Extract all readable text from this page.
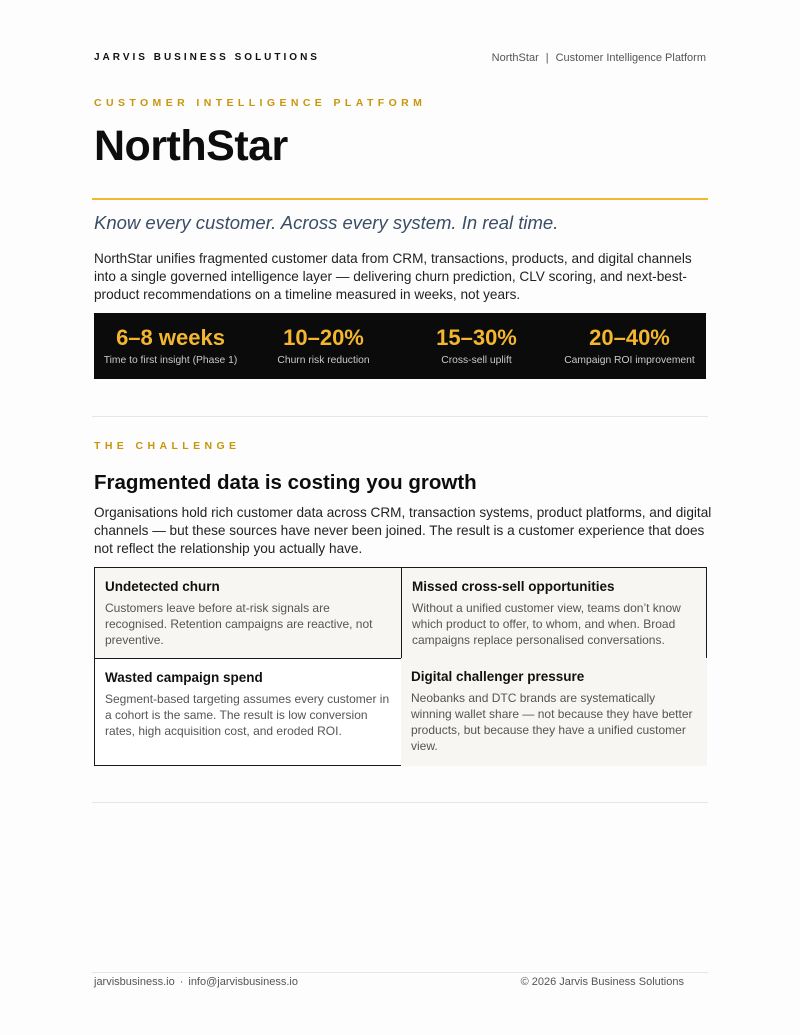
JARVIS BUSINESS SOLUTIONS	NorthStar | Customer Intelligence Platform
CUSTOMER INTELLIGENCE PLATFORM
NorthStar
Know every customer. Across every system. In real time.

NorthStar unifies fragmented customer data from CRM, transactions, products, and digital channels into a single governed intelligence layer — delivering churn prediction, CLV scoring, and next-best-product recommendations on a timeline measured in weeks, not years.

6–8 weeks
Time to first insight (Phase 1)
10–20%
Churn risk reduction
15–30%
Cross-sell uplift
20–40%
Campaign ROI improvement
THE CHALLENGE
Fragmented data is costing you growth

Organisations hold rich customer data across CRM, transaction systems, product platforms, and digital channels — but these sources have never been joined. The result is a customer experience that does not reflect the relationship you actually have.

Undetected churn

Customers leave before at-risk signals are recognised. Retention campaigns are reactive, not preventive.

Missed cross-sell opportunities

Without a unified customer view, teams don’t know which product to offer, to whom, and when. Broad campaigns replace personalised conversations.

Wasted campaign spend

Segment-based targeting assumes every customer in a cohort is the same. The result is low conversion rates, high acquisition cost, and eroded ROI.

Digital challenger pressure

Neobanks and DTC brands are systematically winning wallet share — not because they have better products, but because they have a unified customer view.

jarvisbusiness.io · info@jarvisbusiness.io	© 2026 Jarvis Business Solutions
